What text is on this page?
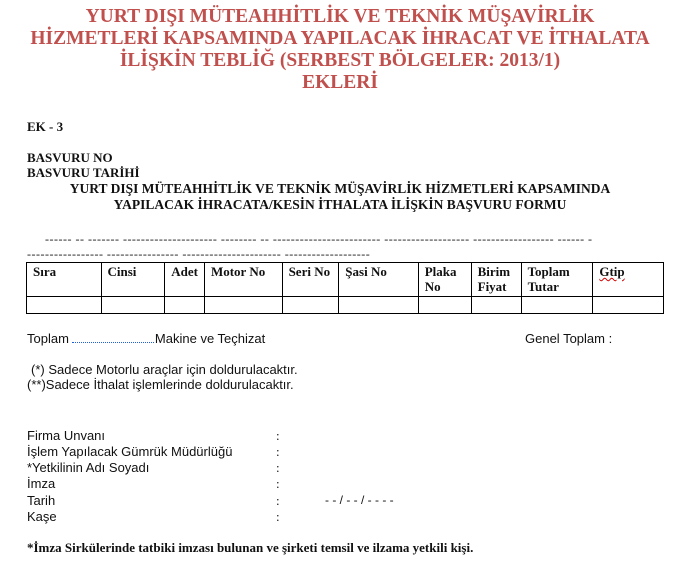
YURT DIŞI MÜTEAHHİTLİK VE TEKNİK MÜŞAVİRLİK
HİZMETLERİ KAPSAMINDA YAPILACAK İHRACAT VE İTHALATA
İLİŞKİN TEBLİĞ (SERBEST BÖLGELER: 2013/1)
EKLERİ
EK - 3
BASVURU NO
BASVURU TARİHİ
YURT DIŞI MÜTEAHHİTLİK VE TEKNİK MÜŞAVİRLİK HİZMETLERİ KAPSAMINDA
YAPILACAK İHRACATA/KESİN İTHALATA İLİŞKİN BAŞVURU FORMU
------ -- ------- --------------------- -------- -- ------------------------ ------------------- ------------------ ------ -
----------------- ---------------- ---------------------- -------------------
Sıra	Cinsi	Adet	Motor No	Seri No	Şasi No	Plaka No	Birim Fiyat	Toplam Tutar	Gtip

Toplam	Makine ve Teçhizat	Genel Toplam :
(*) Sadece Motorlu araçlar için doldurulacaktır.
(**)Sadece İthalat işlemlerinde doldurulacaktır.
Firma Unvanı	:
İşlem Yapılacak Gümrük Müdürlüğü	:
*Yetkilinin Adı Soyadı	:
İmza	:
Tarih	:	- - / - - / - - - -
Kaşe	:
*İmza Sirkülerinde tatbiki imzası bulunan ve şirketi temsil ve ilzama yetkili kişi.
